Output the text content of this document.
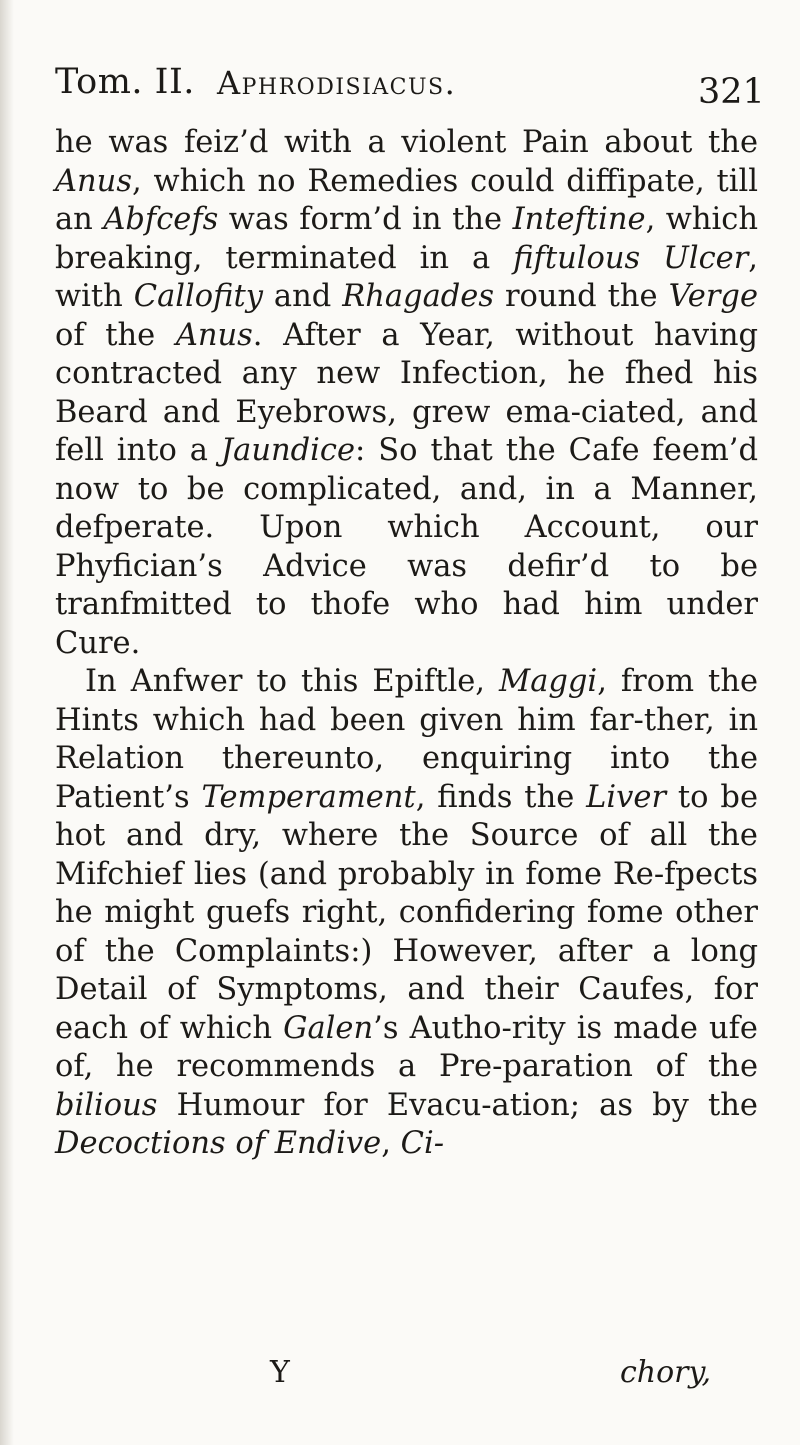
Tom. II. Aphrodisiacus.	321

he was feiz’d with a violent Pain about the Anus, which no Remedies could diffipate, till an Abfcefs was form’d in the Inteftine, which breaking, terminated in a fiftulous Ulcer, with Callofity and Rhagades round the Verge of the Anus. After a Year, without having contracted any new Infection, he fhed his Beard and Eyebrows, grew ema-ciated, and fell into a Jaundice: So that the Cafe feem’d now to be complicated, and, in a Manner, defperate. Upon which Account, our Phyfician’s Advice was defir’d to be tranfmitted to thofe who had him under Cure.

In Anfwer to this Epiftle, Maggi, from the Hints which had been given him far-ther, in Relation thereunto, enquiring into the Patient’s Temperament, finds the Liver to be hot and dry, where the Source of all the Mifchief lies (and probably in fome Re-fpects he might guefs right, confidering fome other of the Complaints:) However, after a long Detail of Symptoms, and their Caufes, for each of which Galen’s Autho-rity is made ufe of, he recommends a Pre-paration of the bilious Humour for Evacu-ation; as by the Decoctions of Endive, Ci-

Y	chory,
